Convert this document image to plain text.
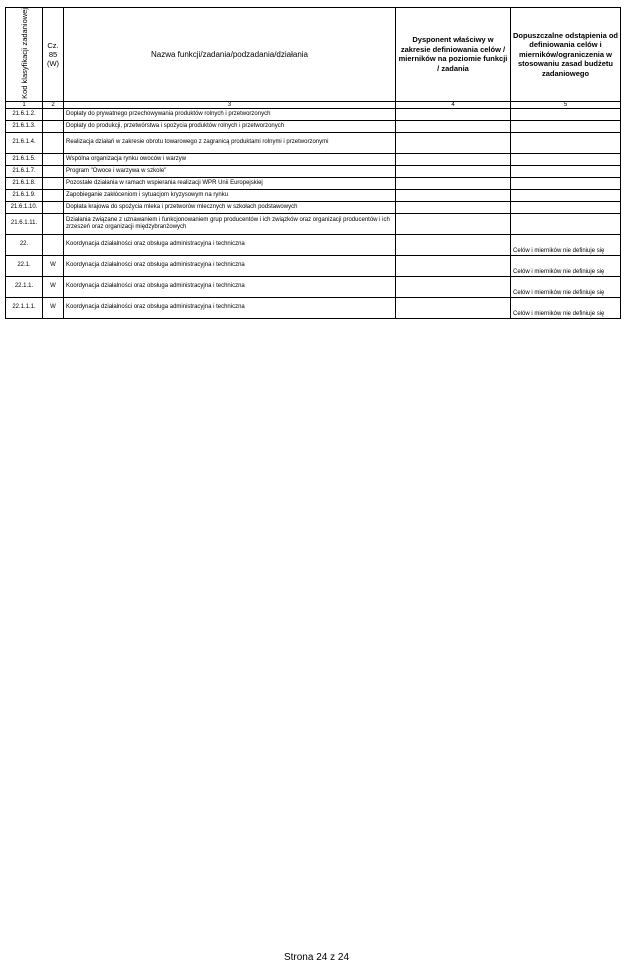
Kod klasyfikacji zadaniowej	Cz. 85 (W)	Nazwa funkcji/zadania/podzadania/działania	Dysponent właściwy w zakresie definiowania celów / mierników na poziomie funkcji / zadania	Dopuszczalne odstąpienia od definiowania celów i mierników/ograniczenia w stosowaniu zasad budżetu zadaniowego
1	2	3	4	5
21.6.1.2.		Dopłaty do prywatnego przechowywania produktów rolnych i przetworzonych		
21.6.1.3.		Dopłaty do produkcji, przetwórstwa i spożycia produktów rolnych i przetworzonych		
21.6.1.4.		Realizacja działań w zakresie obrotu towarowego z zagranicą produktami rolnymi i przetworzonymi		
21.6.1.5.		Wspólna organizacja rynku owoców i warzyw		
21.6.1.7.		Program "Owoce i warzywa w szkole"		
21.6.1.8.		Pozostałe działania w ramach wspierania realizacji WPR Unii Europejskiej		
21.6.1.9.		Zapobieganie zakłóceniom i sytuacjom kryzysowym na rynku		
21.6.1.10.		Dopłata krajowa do spożycia mleka i przetworów mlecznych w szkołach podstawowych		
21.6.1.11.		Działania związane z uznawaniem i funkcjonowaniem grup producentów i ich związków oraz organizacji producentów i ich zrzeszeń oraz organizacji międzybranżowych		
22.		Koordynacja działalności oraz obsługa administracyjna i techniczna		Celów i mierników nie definiuje się
22.1.	W	Koordynacja działalności oraz obsługa administracyjna i techniczna		Celów i mierników nie definiuje się
22.1.1.	W	Koordynacja działalności oraz obsługa administracyjna i techniczna		Celów i mierników nie definiuje się
22.1.1.1.	W	Koordynacja działalności oraz obsługa administracyjna i techniczna		Celów i mierników nie definiuje się
Strona 24 z 24
